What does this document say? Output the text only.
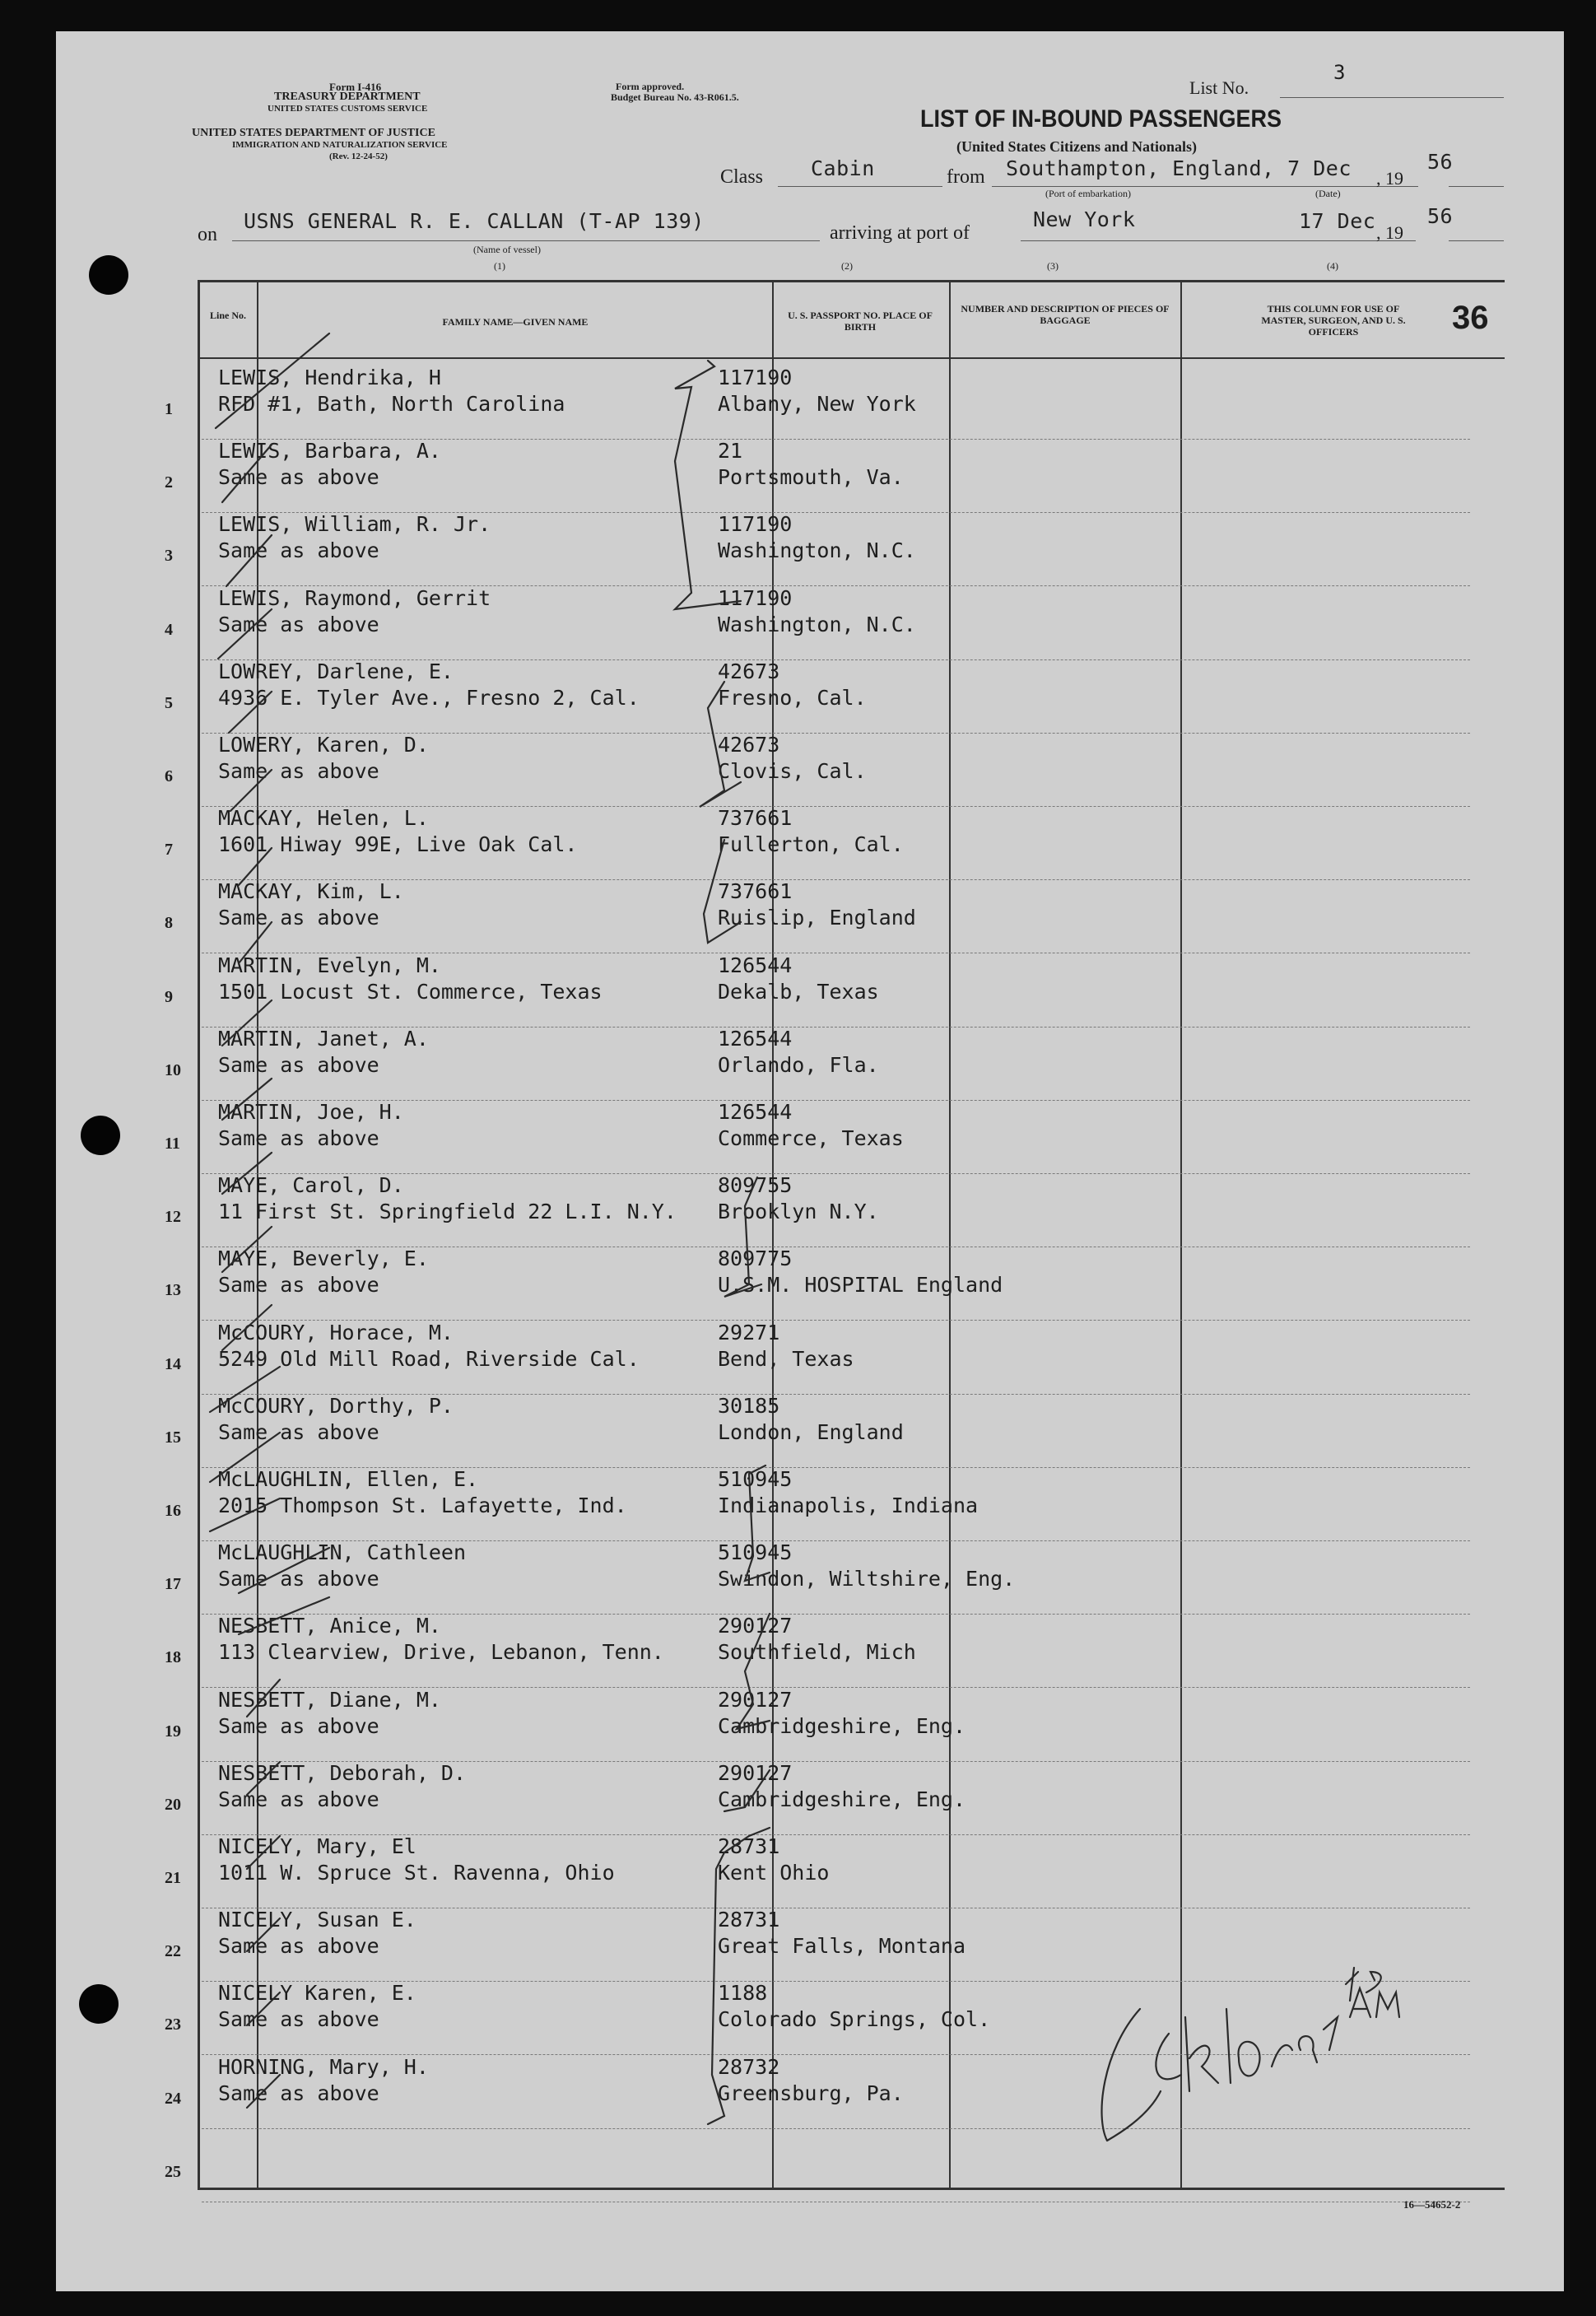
Form I-416
TREASURY DEPARTMENT
UNITED STATES CUSTOMS SERVICE
UNITED STATES DEPARTMENT OF JUSTICE
IMMIGRATION AND NATURALIZATION SERVICE
(Rev. 12-24-52)
Form approved.
Budget Bureau No. 43-R061.5.	List No.
3
LIST OF IN-BOUND PASSENGERS
(United States Citizens and Nationals)
Class Cabin	from Southampton, England, 7 Dec , 19
56
(Port of embarkation)	(Date)
on
USNS GENERAL R. E. CALLAN (T-AP 139)
(Name of vessel)
arriving at port of
New York	17 Dec , 19
56
(1)	(2)	(3)	(4)
Line No.
FAMILY NAME—GIVEN NAME
U. S. PASSPORT NO. PLACE OF BIRTH
NUMBER AND DESCRIPTION OF PIECES OF BAGGAGE
THIS COLUMN FOR USE OF MASTER, SURGEON, AND U. S. OFFICERS	36
1
LEWIS, Hendrika, H
RFD #1, Bath, North Carolina
117190
Albany, New York
2
LEWIS, Barbara, A.
Same as above
21
Portsmouth, Va.
3
LEWIS, William, R. Jr.
Same as above
117190
Washington, N.C.
4
LEWIS, Raymond, Gerrit
Same as above
117190
Washington, N.C.
5
LOWREY, Darlene, E.
4936 E. Tyler Ave., Fresno 2, Cal.
42673
Fresno, Cal.
6
LOWERY, Karen, D.
Same as above
42673
Clovis, Cal.
7
MACKAY, Helen, L.
1601 Hiway 99E, Live Oak Cal.
737661
Fullerton, Cal.
8
MACKAY, Kim, L.
Same as above
737661
Ruislip, England
9
MARTIN, Evelyn, M.
1501 Locust St. Commerce, Texas
126544
Dekalb, Texas
10
MARTIN, Janet, A.
Same as above
126544
Orlando, Fla.
11
MARTIN, Joe, H.
Same as above
126544
Commerce, Texas
12
MAYE, Carol, D.
11 First St. Springfield 22 L.I. N.Y.
809755
Brooklyn N.Y.
13
MAYE, Beverly, E.
Same as above
809775
U.S.M. HOSPITAL England
14
McCOURY, Horace, M.
5249 Old Mill Road, Riverside Cal.
29271
Bend, Texas
15
McCOURY, Dorthy, P.
Same as above
30185
London, England
16
McLAUGHLIN, Ellen, E.
2015 Thompson St. Lafayette, Ind.
510945
Indianapolis, Indiana
17
McLAUGHLIN, Cathleen
Same as above
510945
Swindon, Wiltshire, Eng.
18
NESBETT, Anice, M.
113 Clearview, Drive, Lebanon, Tenn.
290127
Southfield, Mich
19
NESBETT, Diane, M.
Same as above
290127
Cambridgeshire, Eng.
20
NESBETT, Deborah, D.
Same as above
290127
Cambridgeshire, Eng.
21
NICELY, Mary, El
1011 W. Spruce St. Ravenna, Ohio
28731
Kent Ohio
22
NICELY, Susan E.
Same as above
28731
Great Falls, Montana
23
NICELY Karen, E.
Same as above
1188
Colorado Springs, Col.
24
HORNING, Mary, H.
Same as above
28732
Greensburg, Pa.
25
16—54652-2
